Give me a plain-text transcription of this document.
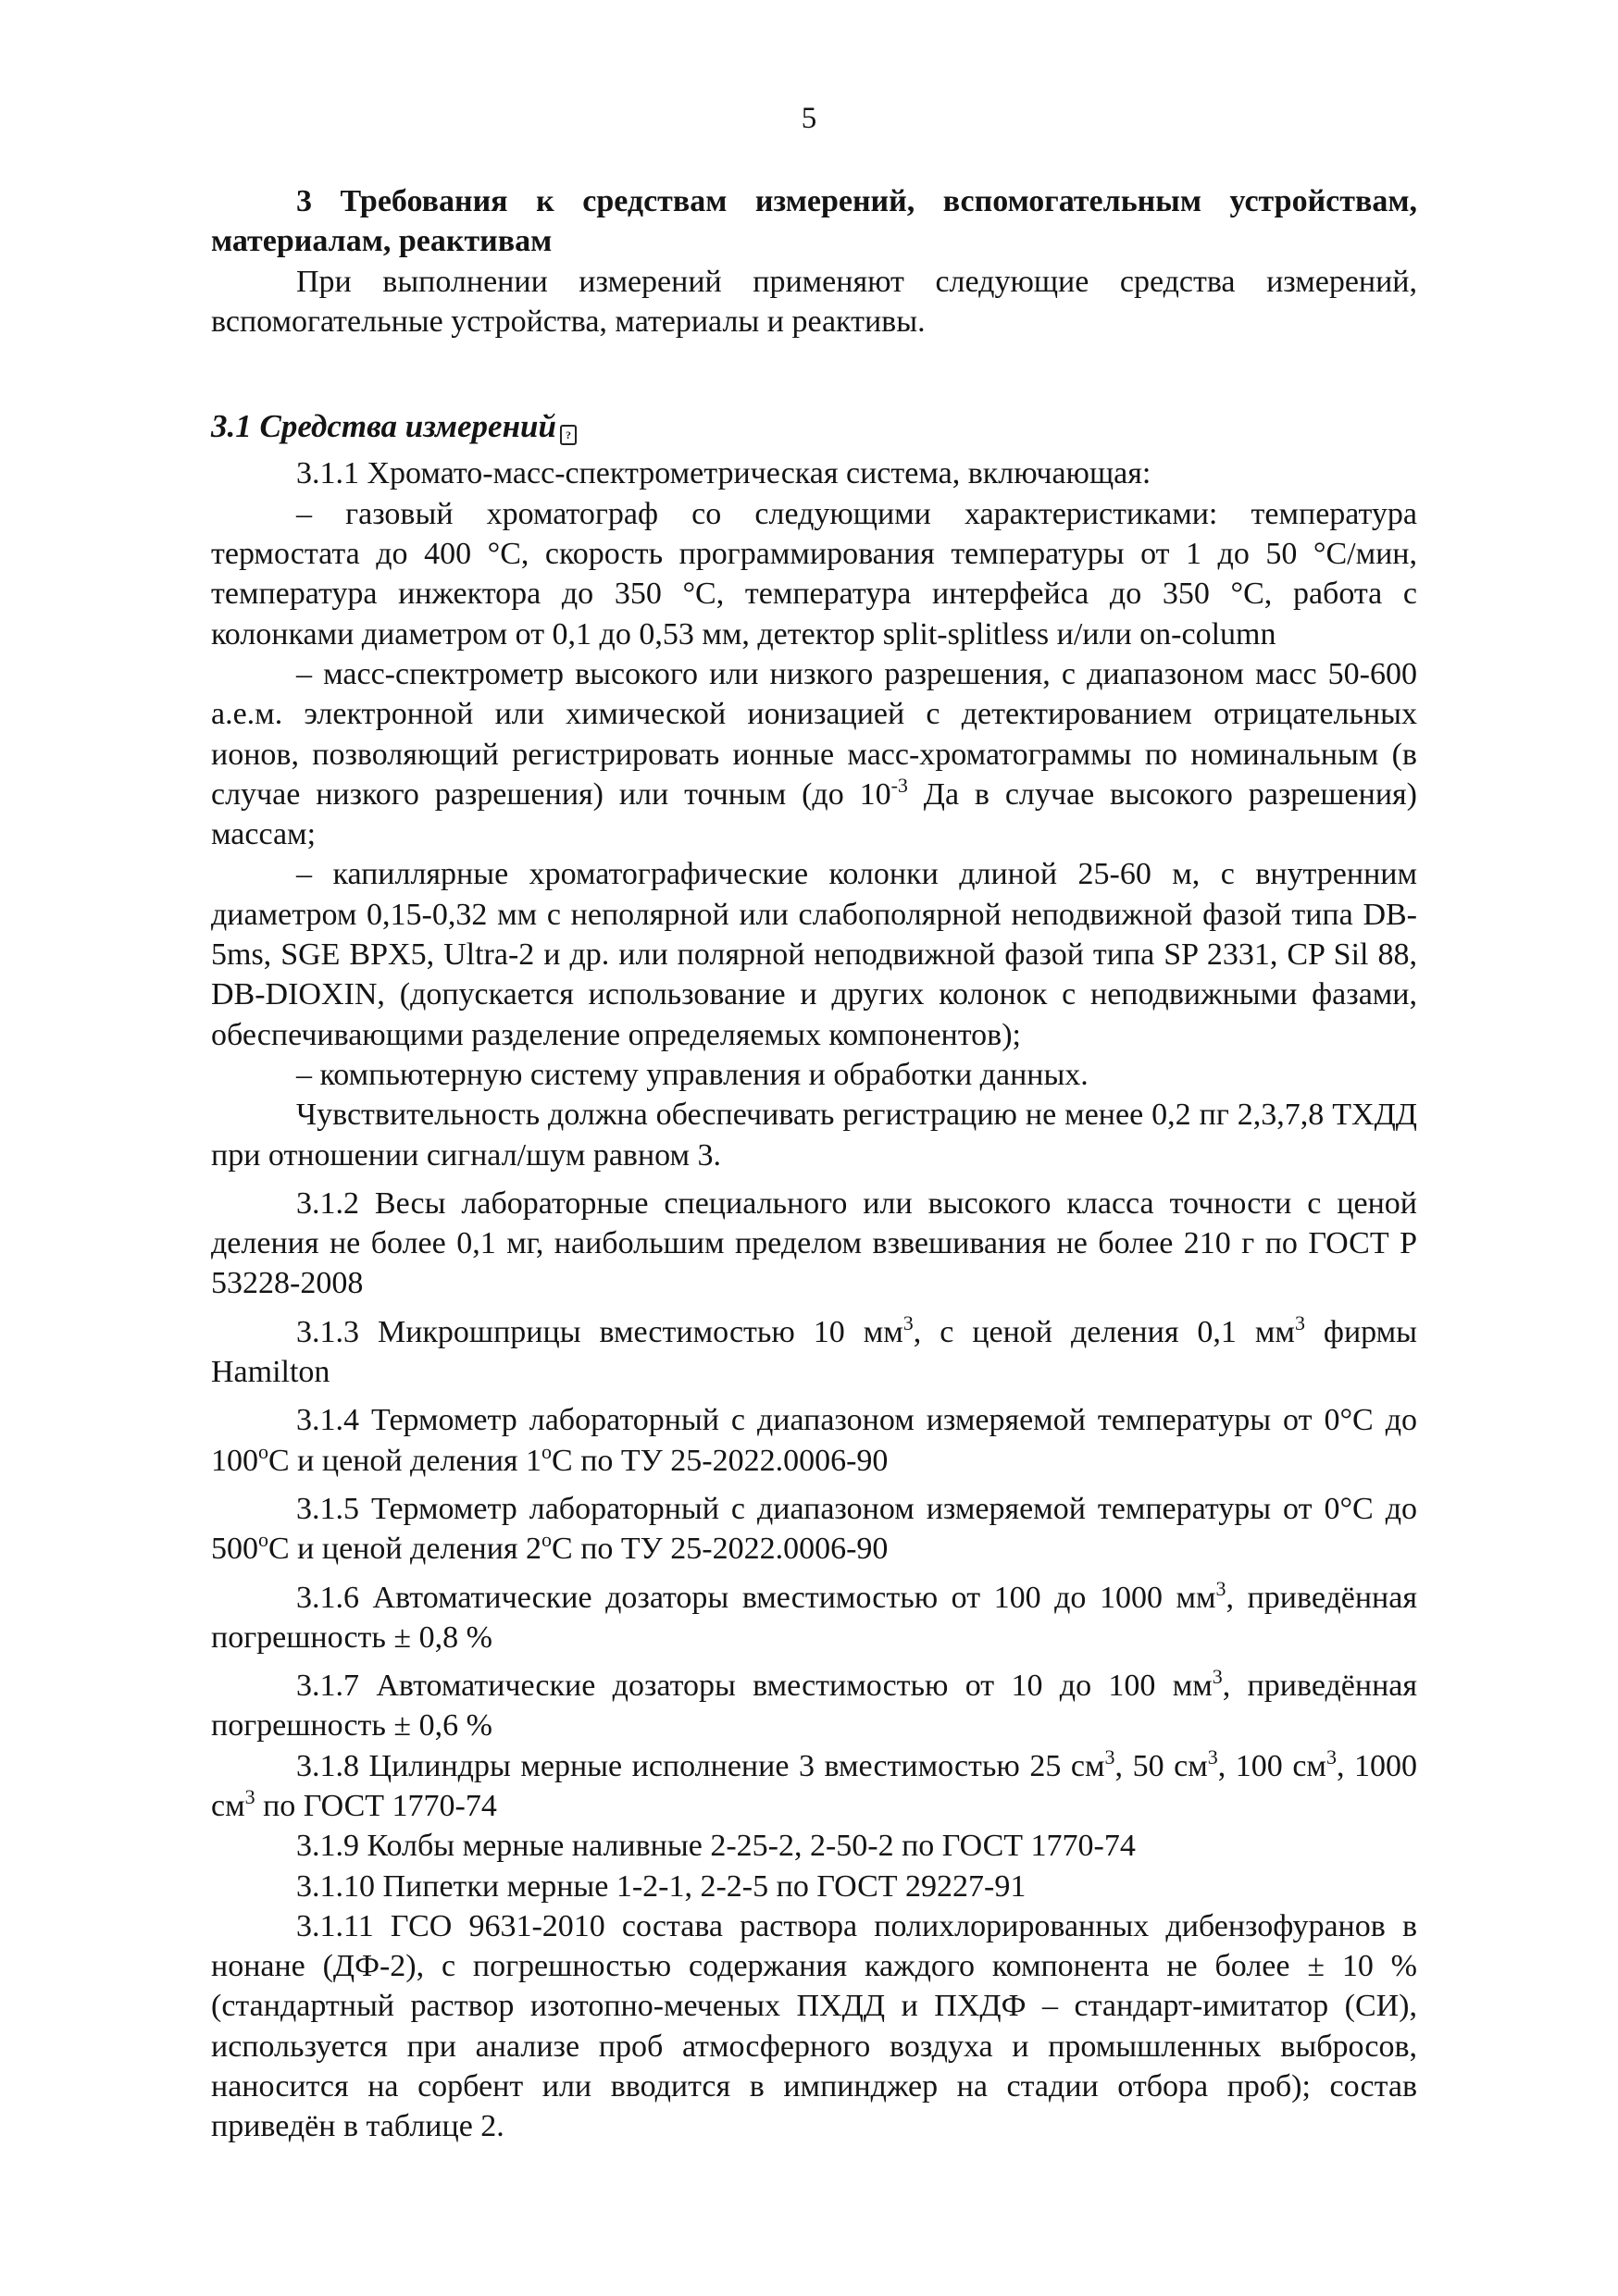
5

3 Требования к средствам измерений, вспомогательным устройствам, материалам, реактивам

При выполнении измерений применяют следующие средства измерений, вспомогательные устройства, материалы и реактивы.

3.1 Средства измерений ?

3.1.1 Хромато-масс-спектрометрическая система, включающая:

– газовый хроматограф со следующими характеристиками: температура термостата до 400 °С, скорость программирования температуры от 1 до 50 °С/мин, температура инжектора до 350 °С, температура интерфейса до 350 °С, работа с колонками диаметром от 0,1 до 0,53 мм, детектор split-splitless и/или on-column

– масс-спектрометр высокого или низкого разрешения, с диапазоном масс 50-600 а.е.м. электронной или химической ионизацией с детектированием отрицательных ионов, позволяющий регистрировать ионные масс-хроматограммы по номинальным (в случае низкого разрешения) или точным (до $10^{-3}$ Да в случае высокого разрешения) массам;

– капиллярные хроматографические колонки длиной 25-60 м, с внутренним диаметром 0,15-0,32 мм с неполярной или слабополярной неподвижной фазой типа DB-5ms, SGE BPX5, Ultra-2 и др. или полярной неподвижной фазой типа SP 2331, CP Sil 88, DB-DIOXIN, (допускается использование и других колонок с неподвижными фазами, обеспечивающими разделение определяемых компонентов);

– компьютерную систему управления и обработки данных.

Чувствительность должна обеспечивать регистрацию не менее 0,2 пг 2,3,7,8 ТХДД при отношении сигнал/шум равном 3.

3.1.2 Весы лабораторные специального или высокого класса точности с ценой деления не более 0,1 мг, наибольшим пределом взвешивания не более 210 г по ГОСТ Р 53228-2008

3.1.3 Микрошприцы вместимостью 10 $мм^3$, с ценой деления 0,1 $мм^3$ фирмы Hamilton

3.1.4 Термометр лабораторный с диапазоном измеряемой температуры от 0°С до 100$^o$С и ценой деления 1$^o$С по ТУ 25-2022.0006-90

3.1.5 Термометр лабораторный с диапазоном измеряемой температуры от 0°С до 500$^o$С и ценой деления 2$^o$С по ТУ 25-2022.0006-90

3.1.6 Автоматические дозаторы вместимостью от 100 до 1000 $мм^3$, приведённая погрешность ± 0,8 %

3.1.7 Автоматические дозаторы вместимостью от 10 до 100 $мм^3$, приведённая погрешность ± 0,6 %

3.1.8 Цилиндры мерные исполнение 3 вместимостью 25 $см^3$, 50 $см^3$, 100 $см^3$, 1000 $см^3$ по ГОСТ 1770-74

3.1.9 Колбы мерные наливные 2-25-2, 2-50-2 по ГОСТ 1770-74

3.1.10 Пипетки мерные 1-2-1, 2-2-5 по ГОСТ 29227-91

3.1.11 ГСО 9631-2010 состава раствора полихлорированных дибензофуранов в нонане (ДФ-2), с погрешностью содержания каждого компонента не более ± 10 % (стандартный раствор изотопно-меченых ПХДД и ПХДФ – стандарт-имитатор (СИ), используется при анализе проб атмосферного воздуха и промышленных выбросов, наносится на сорбент или вводится в импинджер на стадии отбора проб); состав приведён в таблице 2.
